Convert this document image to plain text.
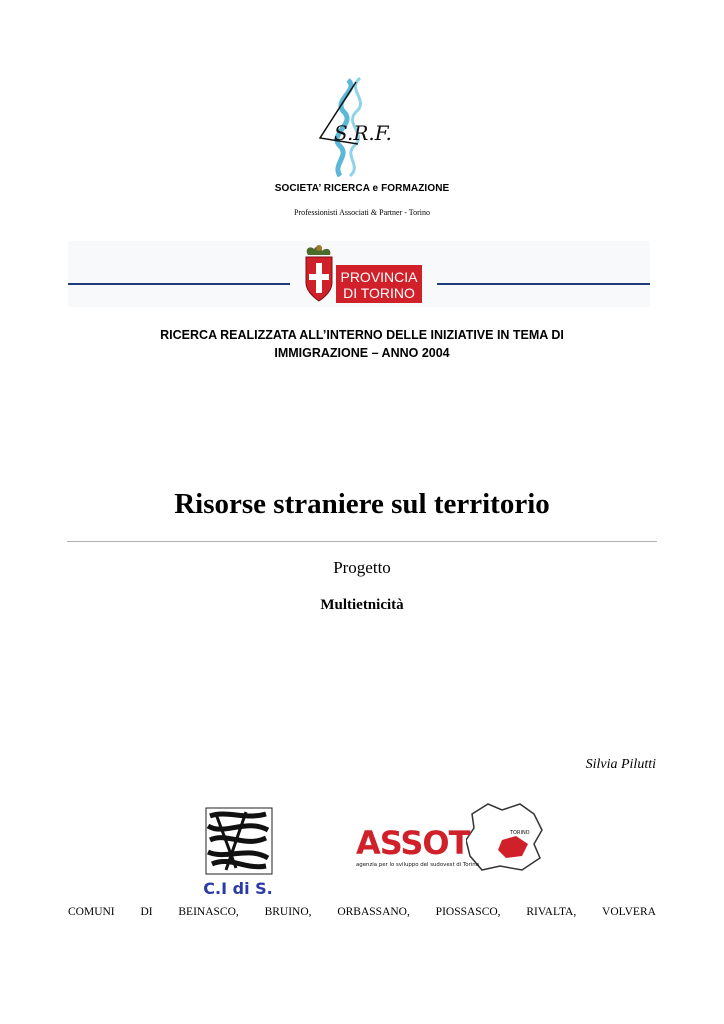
S.R.F.
SOCIETA’ RICERCA e FORMAZIONE
Professionisti Associati & Partner - Torino
PROVINCIA
DI TORINO
RICERCA REALIZZATA ALL’INTERNO DELLE INIZIATIVE IN TEMA DI
IMMIGRAZIONE – ANNO 2004
Risorse straniere sul territorio
Progetto
Multietnicità
Silvia Pilutti
C.I di S.
TORINO
ASSOT
agenzia per lo sviluppo del sudovest di Torino
COMUNI DI BEINASCO, BRUINO, ORBASSANO, PIOSSASCO, RIVALTA, VOLVERA
